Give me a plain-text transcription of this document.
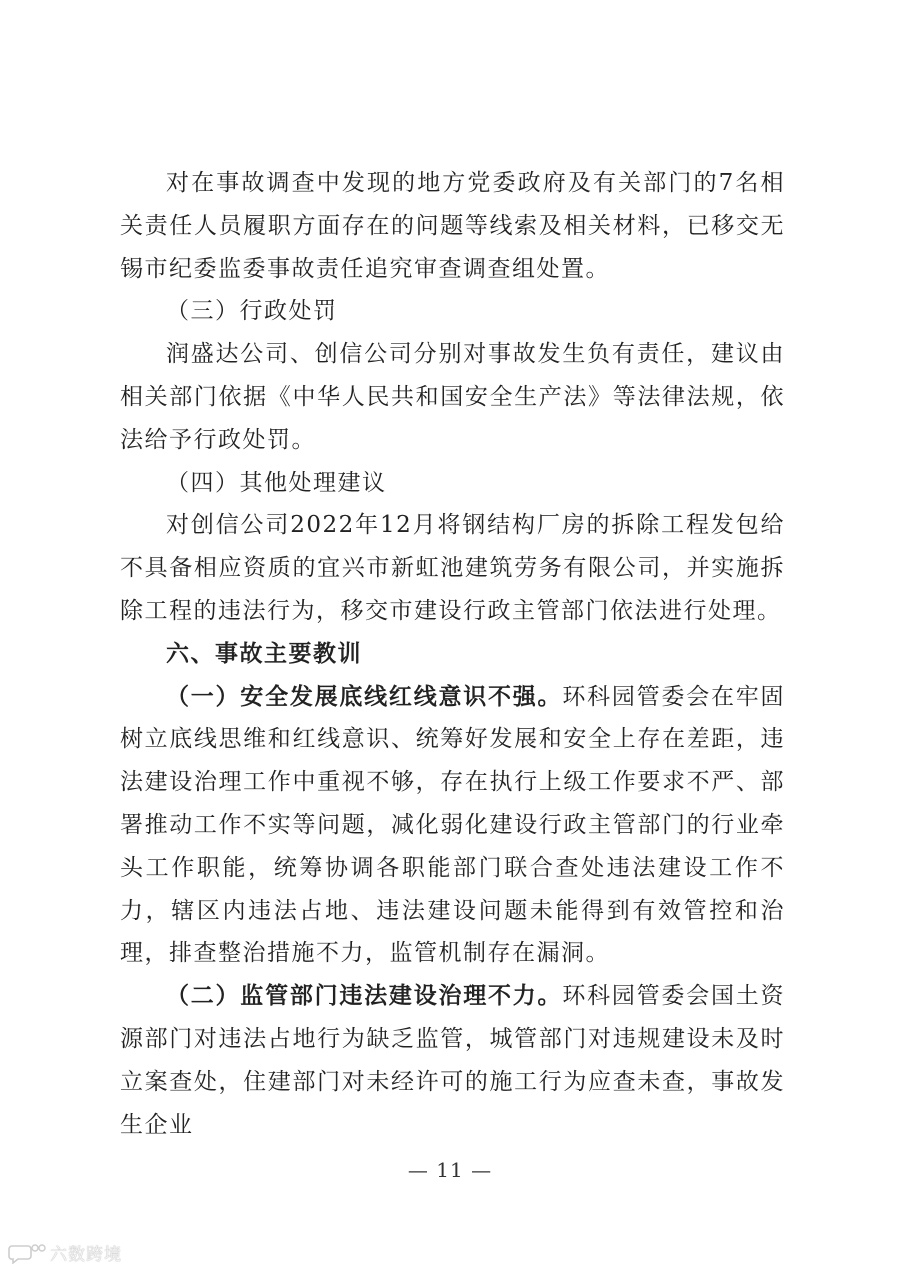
对在事故调查中发现的地方党委政府及有关部门的7名相关责任人员履职方面存在的问题等线索及相关材料，已移交无锡市纪委监委事故责任追究审查调查组处置。

（三）行政处罚

润盛达公司、创信公司分别对事故发生负有责任，建议由相关部门依据《中华人民共和国安全生产法》等法律法规，依法给予行政处罚。

（四）其他处理建议

对创信公司2022年12月将钢结构厂房的拆除工程发包给不具备相应资质的宜兴市新虹池建筑劳务有限公司，并实施拆除工程的违法行为，移交市建设行政主管部门依法进行处理。

六、事故主要教训

（一）安全发展底线红线意识不强。环科园管委会在牢固树立底线思维和红线意识、统筹好发展和安全上存在差距，违法建设治理工作中重视不够，存在执行上级工作要求不严、部署推动工作不实等问题，减化弱化建设行政主管部门的行业牵头工作职能，统筹协调各职能部门联合查处违法建设工作不力，辖区内违法占地、违法建设问题未能得到有效管控和治理，排查整治措施不力，监管机制存在漏洞。

（二）监管部门违法建设治理不力。环科园管委会国土资源部门对违法占地行为缺乏监管，城管部门对违规建设未及时立案查处，住建部门对未经许可的施工行为应查未查，事故发生企业

— 11 —
六数跨境
